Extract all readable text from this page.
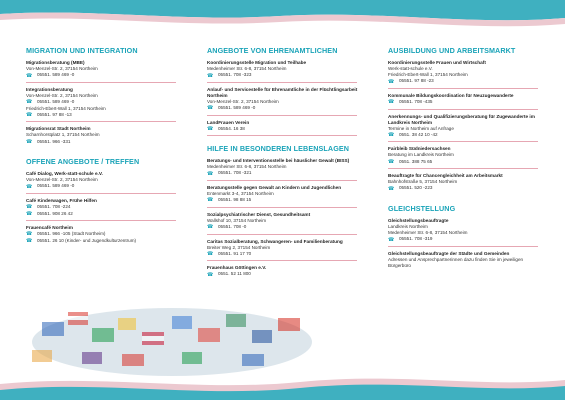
MIGRATION UND INTEGRATION
Migrationsberatung (MBE)
Von-Menzel-Str. 2, 37154 Northeim
☎	05551. 589 469 -0
Integrationsberatung
Von-Menzel-Str. 2, 37154 Northeim
☎	05551. 589 469 -0
Friedrich-Ebert-Wall 1, 37154 Northeim
☎	05551. 97 88 -13
Migrationsrat Stadt Northeim
Scharnhorstplatz 1, 37154 Northeim
☎	05551. 966 -331
OFFENE ANGEBOTE / TREFFEN
Café Dialog, Werk-statt-schule e.V.
Von-Menzel-Str. 2, 37154 Northeim
☎	05551. 589 469 -0
Café Kinderwagen, Frühe Hilfen
☎	05551. 708 -224
☎	05551. 908 26 42
Frauencafé Northeim
☎	05551. 966 -105 (Stadt Northeim)
☎	05551. 26 10 (Kinder- und Jugendkulturzentrum)
ANGEBOTE VON EHRENAMTLICHEN
Koordinierungsstelle Migration und Teilhabe
Medenheimer Str. 6-8, 37154 Northeim
☎	05551. 708 -323
Anlauf- und Servicestelle für Ehrenamtliche in der Flüchtlingsarbeit Northeim
Von-Menzel-Str. 2, 37154 Northeim
☎	05551. 589 469 -0
LandFrauen Verein
☎	05554. 16 38
HILFE IN BESONDEREN LEBENSLAGEN
Beratungs- und Interventionsstelle bei häuslicher Gewalt (BISS)
Medenheimer Str. 6-8, 37154 Northeim
☎	05551. 708 -321
Beratungsstelle gegen Gewalt an Kindern und Jugendlichen
Entenmarkt 3-4, 37154 Northeim
☎	05551. 98 88 15
Sozialpsychiatrischer Dienst, Gesundheitsamt
Wallshof 10, 37154 Northeim
☎	05551. 708 -0
Caritas Sozialberatung, Schwangeren- und Familienberatung
Breiter Weg 2, 37154 Northeim
☎	05551. 91 17 70
Frauenhaus Göttingen e.V.
☎	0551. 52 11 800
AUSBILDUNG UND ARBEITSMARKT
Koordinierungsstelle Frauen und Wirtschaft
Werk-statt-schule e.V.
Friedrich-Ebert-Wall 1, 37154 Northeim
☎	05551. 97 88 -23
Kommunale Bildungskoordination für Neuzugewanderte
☎	05551. 708 -435
Anerkennungs- und Qualifizierungsberatung für Zugewanderte im Landkreis Northeim
Termine in Northeim auf Anfrage
☎	0551. 38 42 10 -42
Fairbleib Südniedersachsen
Beratung im Landkreis Northeim
☎	0551. 388 75 65
Beauftragte für Chancengleichheit am Arbeitsmarkt
Bahnhofstraße 5, 37154 Northeim
☎	05551. 520 -223
GLEICHSTELLUNG
Gleichstellungsbeauftragte
Landkreis Northeim
Medenheimer Str. 6-8, 37154 Northeim
☎	05551. 708 -319
Gleichstellungsbeauftragte der Städte und Gemeinden
Adressen und Ansprechpartnerinnen dazu finden Sie im jeweiligen Bürgerbüro
